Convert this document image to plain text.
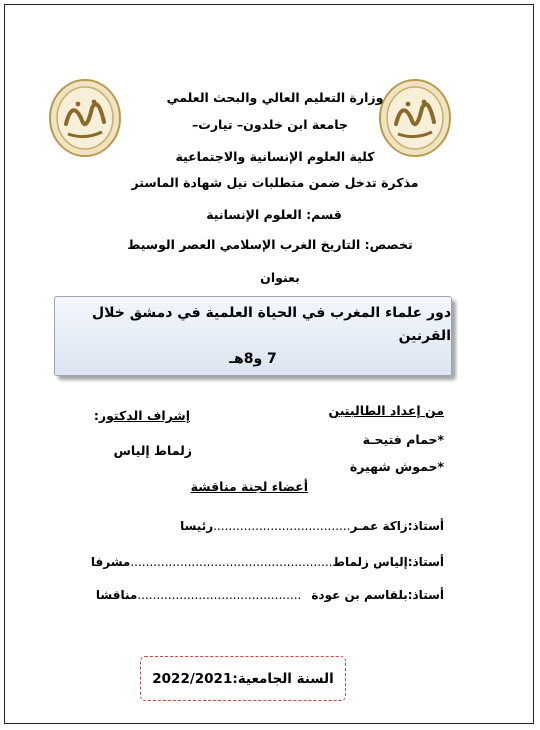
وزارة التعليم العالي والبحث العلمي
جامعة ابن خلدون– تيارت–
كلية العلوم الإنسانية والاجتماعية
مذكرة تدخل ضمن متطلبات نيل شهادة الماستر
قسم: العلوم الإنسانية
تخصص: التاريخ الغرب الإسلامي العصر الوسيط
بعنوان
دور علماء المغرب في الحياة العلمية في دمشق خلال القرنين
7 و8هـ
من إعداد الطالبتين
*حمام فتيحـة
*حموش شهيرة
إشراف الدكتور:
زلماط إلياس
أعضاء لجنة مناقشة
أستاذ:زاكة عمـر....................................رئيسا
أستاذ:إلياس زلماط.....................................................مشرفا
أستاذ:بلقاسم بن عودة...........................................مناقشا
السنة الجامعية:2022/2021
